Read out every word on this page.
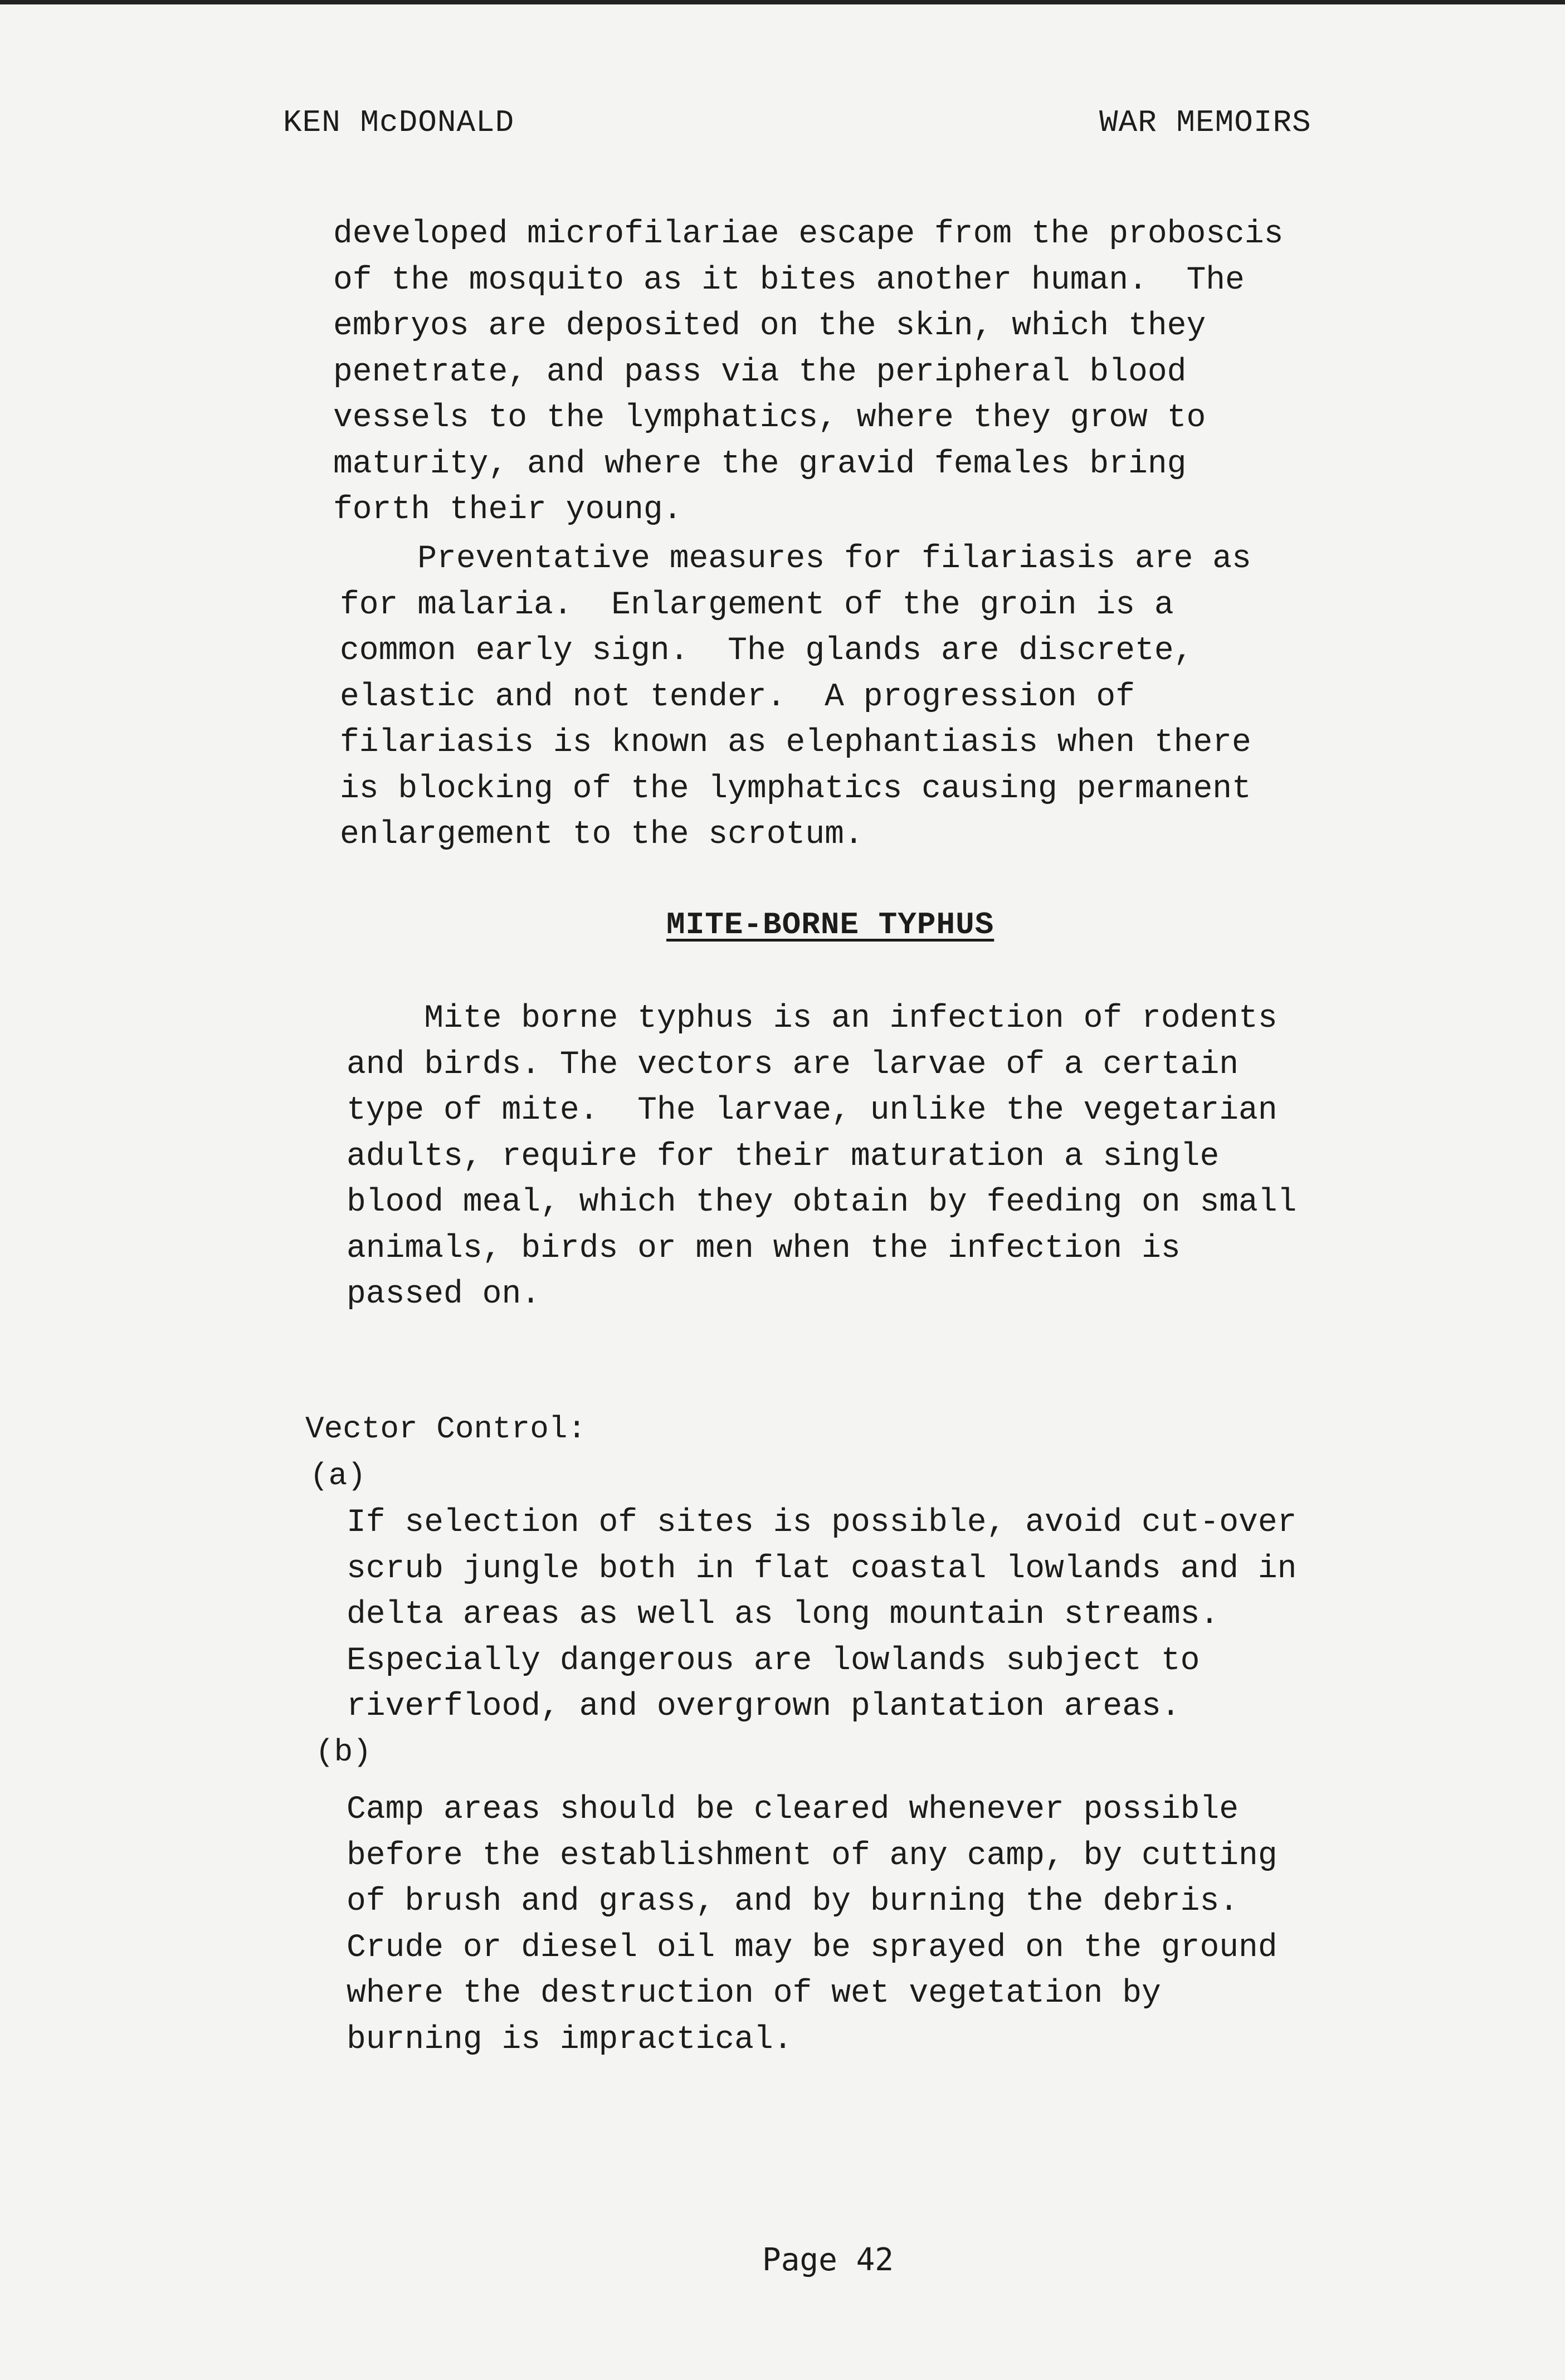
KEN McDONALD	WAR MEMOIRS

developed microfilariae escape from the proboscis
of the mosquito as it bites another human.  The
embryos are deposited on the skin, which they
penetrate, and pass via the peripheral blood
vessels to the lymphatics, where they grow to
maturity, and where the gravid females bring
forth their young.

Preventative measures for filariasis are as
for malaria.  Enlargement of the groin is a
common early sign.  The glands are discrete,
elastic and not tender.  A progression of
filariasis is known as elephantiasis when there
is blocking of the lymphatics causing permanent
enlargement to the scrotum.

MITE-BORNE TYPHUS

Mite borne typhus is an infection of rodents
and birds. The vectors are larvae of a certain
type of mite.  The larvae, unlike the vegetarian
adults, require for their maturation a single
blood meal, which they obtain by feeding on small
animals, birds or men when the infection is
passed on.

Vector Control:
(a)

If selection of sites is possible, avoid cut-over
scrub jungle both in flat coastal lowlands and in
delta areas as well as long mountain streams.
Especially dangerous are lowlands subject to
riverflood, and overgrown plantation areas.

(b)

Camp areas should be cleared whenever possible
before the establishment of any camp, by cutting
of brush and grass, and by burning the debris.
Crude or diesel oil may be sprayed on the ground
where the destruction of wet vegetation by
burning is impractical.

Page 42
